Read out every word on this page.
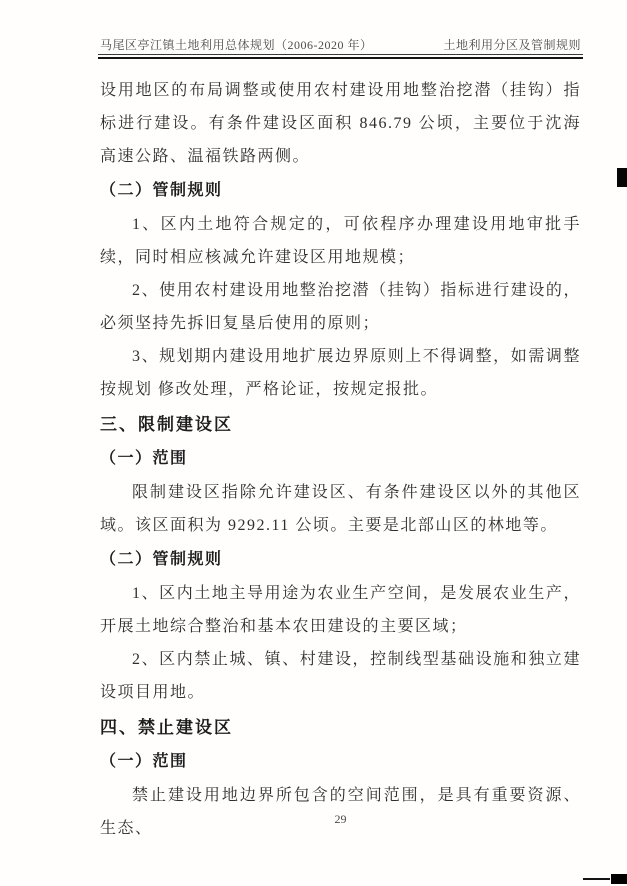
马尾区亭江镇土地利用总体规划（2006-2020 年）	土地利用分区及管制规则

设用地区的布局调整或使用农村建设用地整治挖潜（挂钩）指标进行建设。有条件建设区面积 846.79 公顷，主要位于沈海高速公路、温福铁路两侧。

（二）管制规则

1、区内土地符合规定的，可依程序办理建设用地审批手续，同时相应核减允许建设区用地规模；

2、使用农村建设用地整治挖潜（挂钩）指标进行建设的，必须坚持先拆旧复垦后使用的原则；

3、规划期内建设用地扩展边界原则上不得调整，如需调整按规划 修改处理，严格论证，按规定报批。

三、限制建设区

（一）范围

限制建设区指除允许建设区、有条件建设区以外的其他区域。该区面积为 9292.11 公顷。主要是北部山区的林地等。

（二）管制规则

1、区内土地主导用途为农业生产空间，是发展农业生产，开展土地综合整治和基本农田建设的主要区域；

2、区内禁止城、镇、村建设，控制线型基础设施和独立建设项目用地。

四、禁止建设区

（一）范围

禁止建设用地边界所包含的空间范围，是具有重要资源、生态、

29
